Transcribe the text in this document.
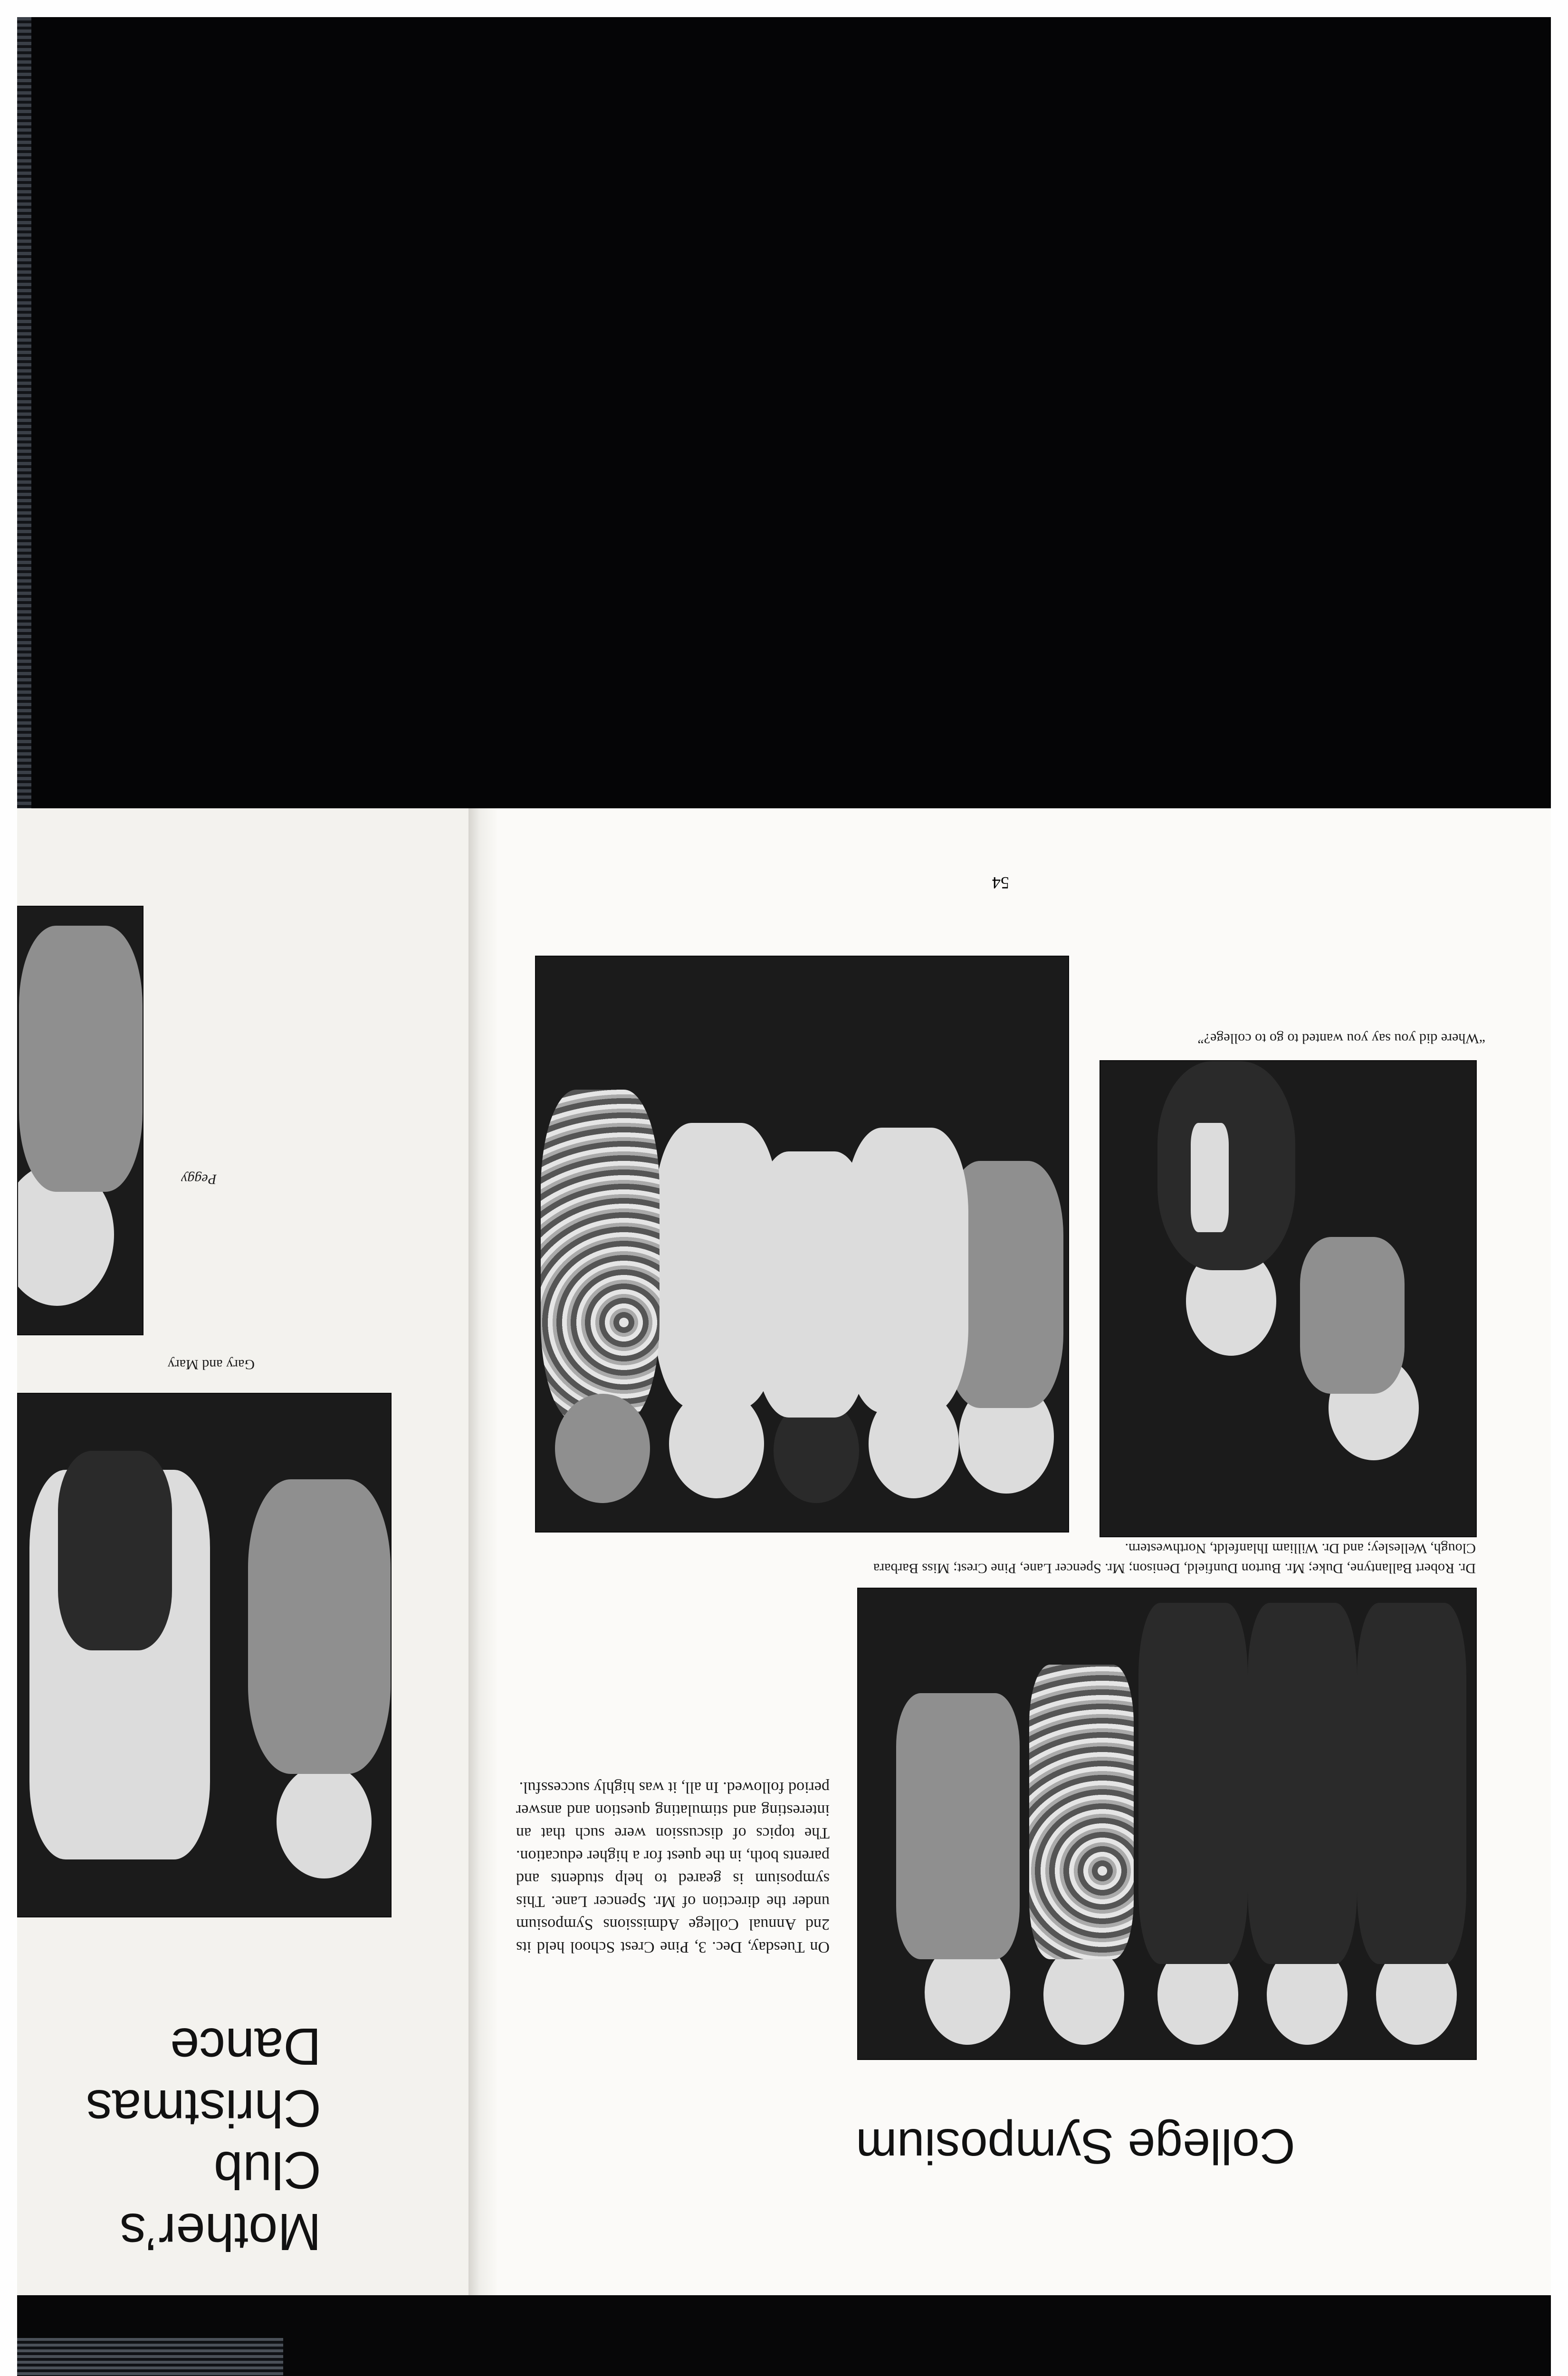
54
“Where did you say you wanted to go to college?”
Dr. Robert Ballantyne, Duke; Mr. Burton Dunfield, Denison; Mr. Spencer Lane, Pine Crest; Miss Barbara Clough, Wellesley; and Dr. William Ihlanfeldt, Northwestern.
On Tuesday, Dec. 3, Pine Crest School held its 2nd Annual College Admissions Symposium under the direction of Mr. Spencer Lane. This symposium is geared to help students and parents both, in the quest for a higher education. The topics of discussion were such that an interesting and stimulating question and answer period followed. In all, it was highly successful.
College Symposium
Peggy
Gary and Mary
Mother’s
Club
Christmas
Dance
